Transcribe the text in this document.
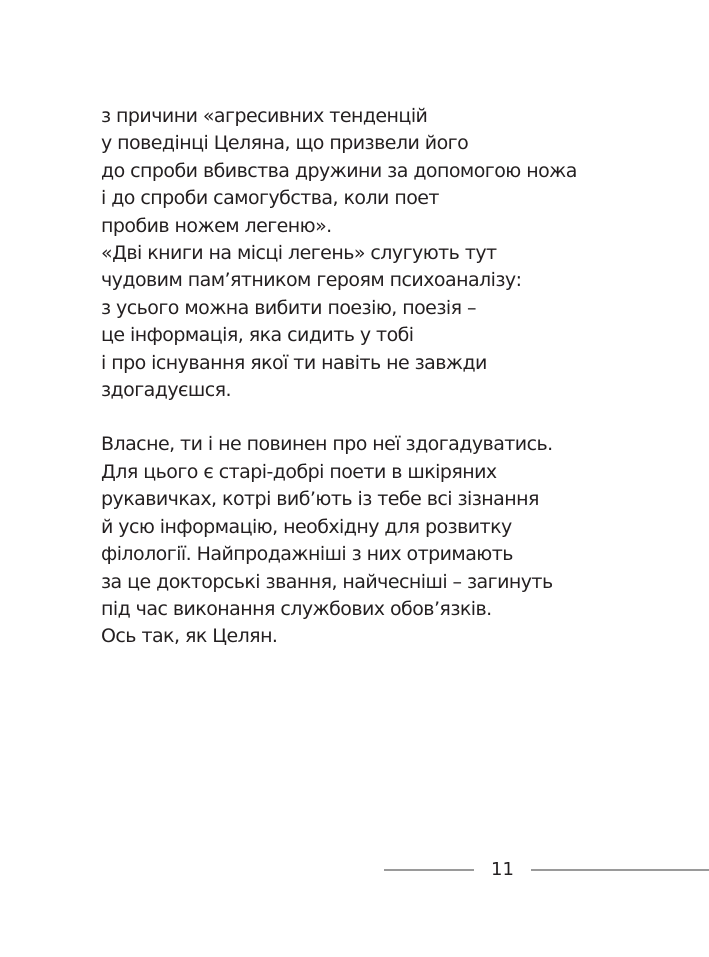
з причини «агресивних тенденцій
у поведінці Целяна, що призвели його
до спроби вбивства дружини за допомогою ножа
і до спроби самогубства, коли поет
пробив ножем легеню».
«Дві книги на місці легень» слугують тут
чудовим пам’ятником героям психоаналізу:
з усього можна вибити поезію, поезія –
це інформація, яка сидить у тобі
і про існування якої ти навіть не завжди
здогадуєшся.

Власне, ти і не повинен про неї здогадуватись.
Для цього є старі-добрі поети в шкіряних
рукавичках, котрі виб’ють із тебе всі зізнання
й усю інформацію, необхідну для розвитку
філології. Найпродажніші з них отримають
за це докторські звання, найчесніші – загинуть
під час виконання службових обов’язків.
Ось так, як Целян.

11
